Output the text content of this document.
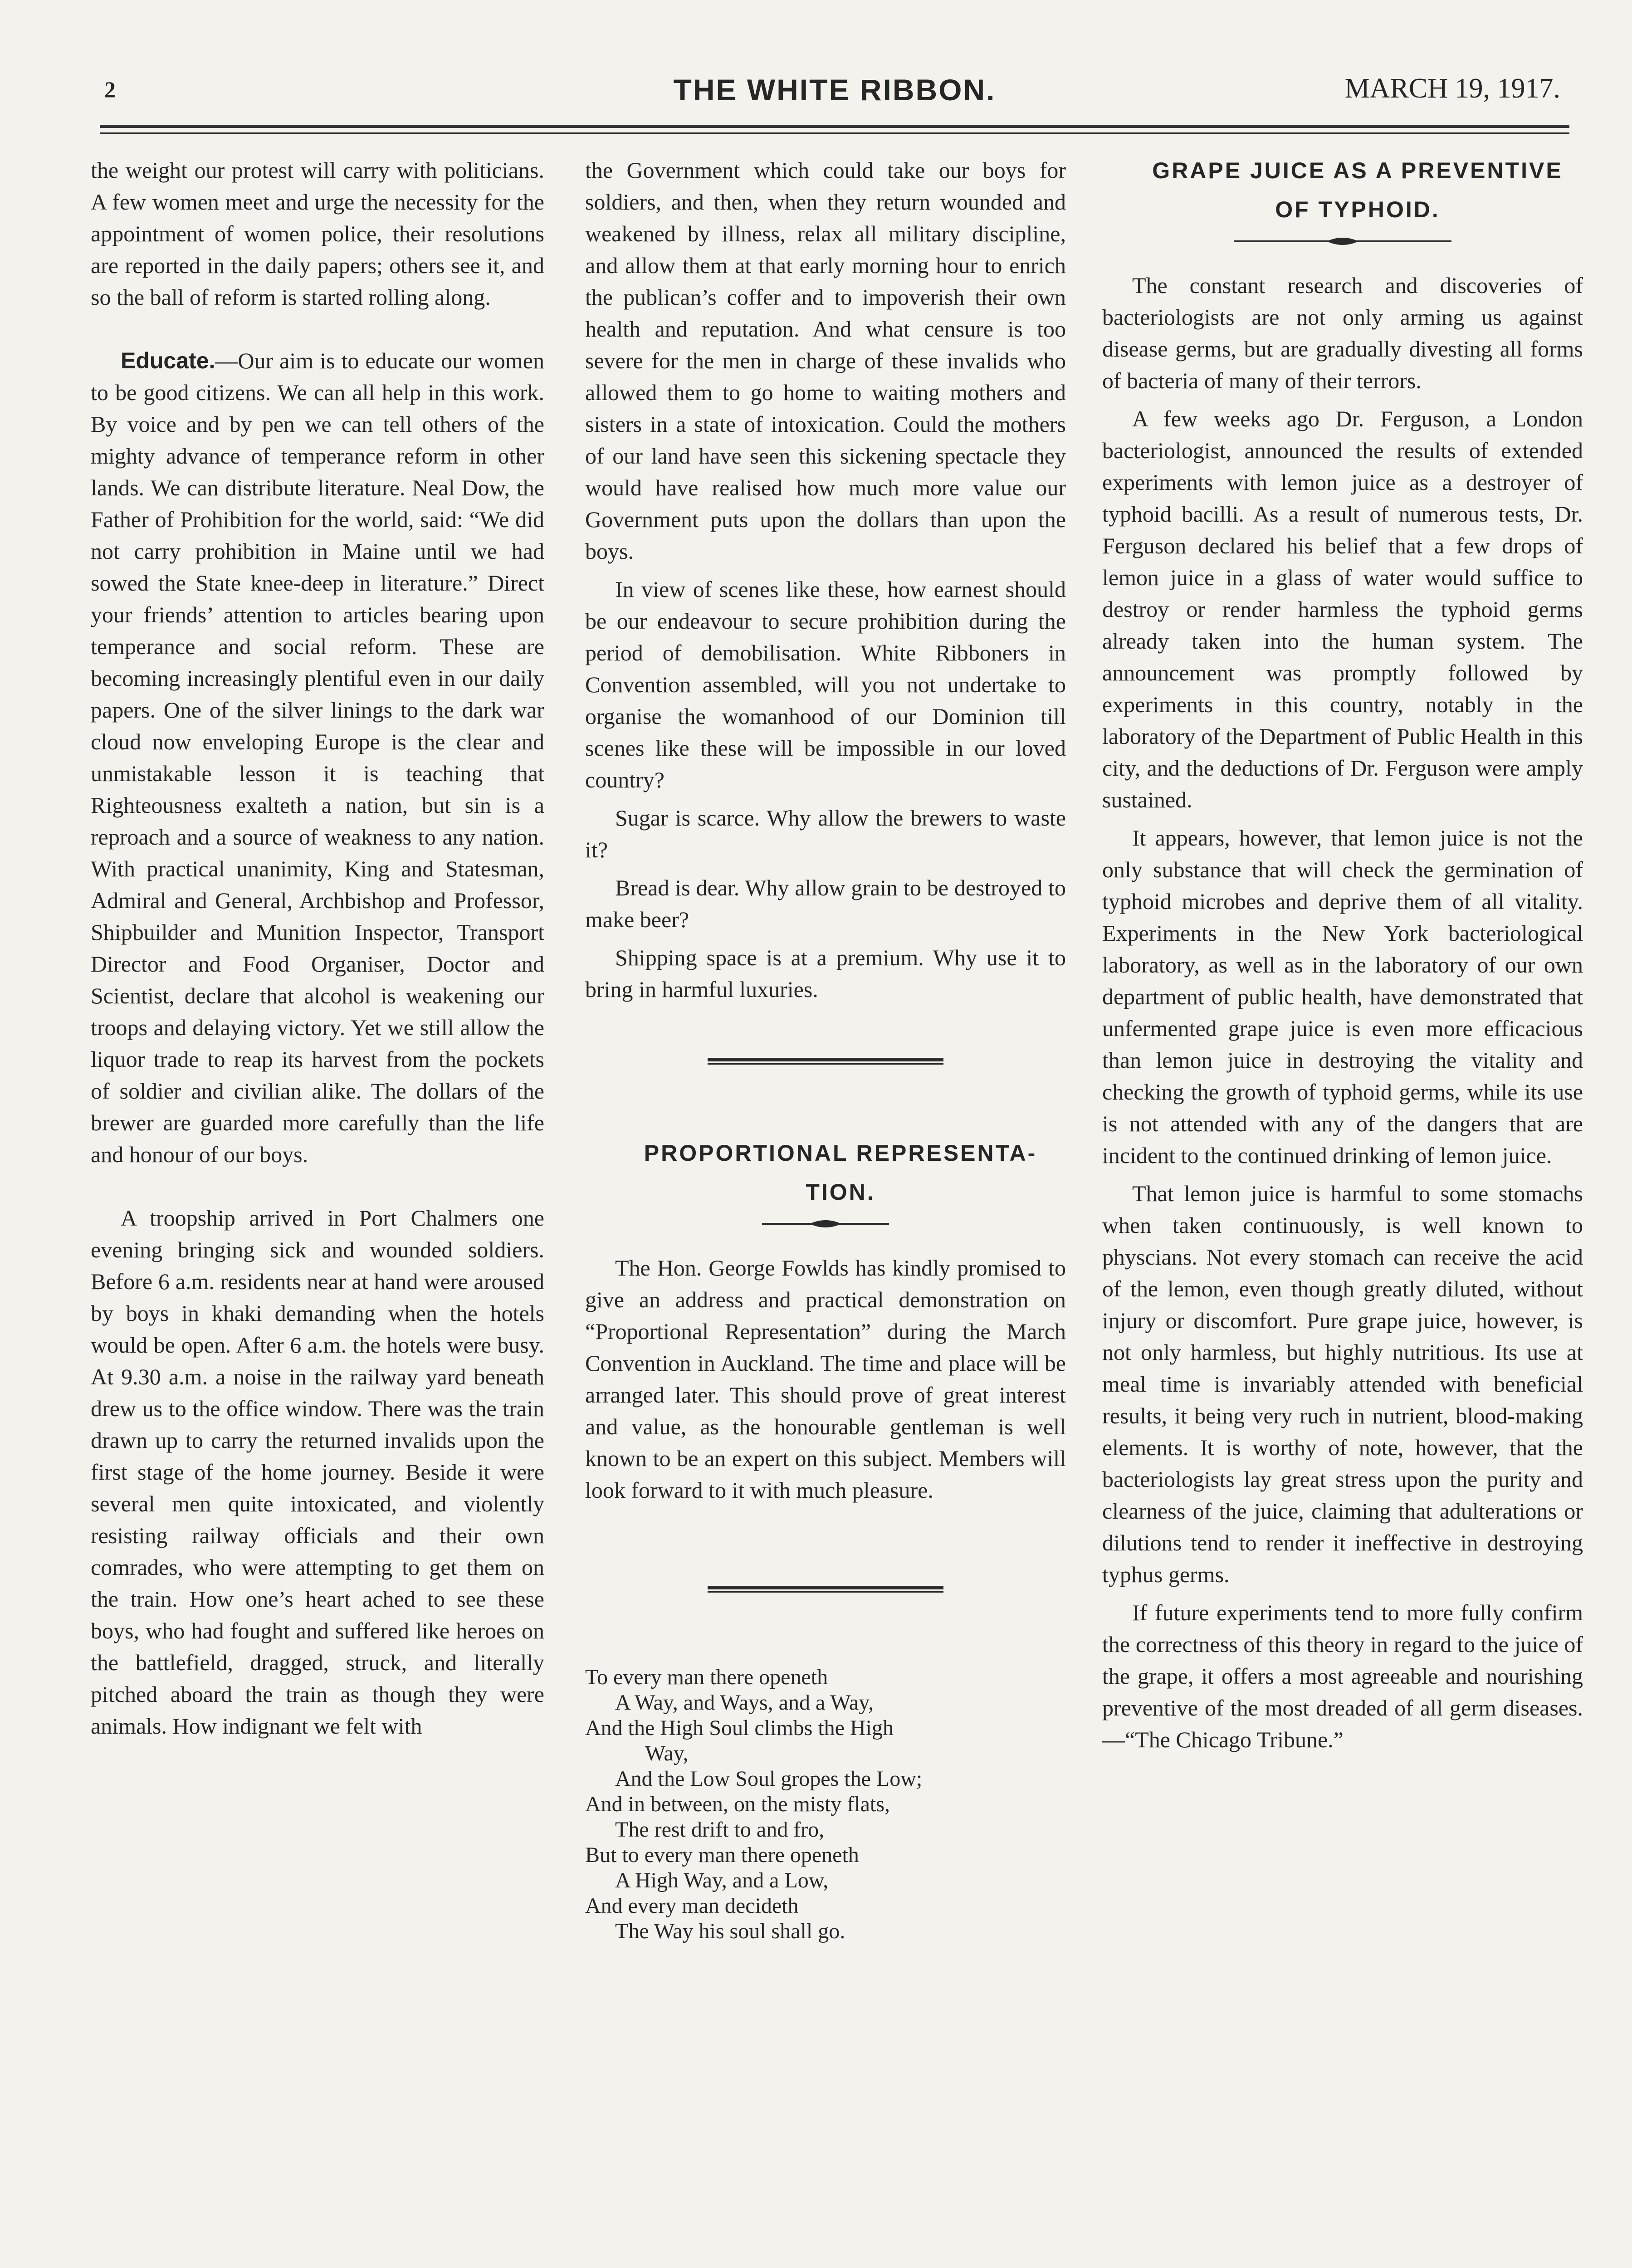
2	THE WHITE RIBBON.	MARCH 19, 1917.

the weight our protest will carry with politicians. A few women meet and urge the necessity for the appointment of women police, their resolutions are reported in the daily papers; others see it, and so the ball of reform is started rolling along.

Educate.—Our aim is to educate our women to be good citizens. We can all help in this work. By voice and by pen we can tell others of the mighty advance of temperance reform in other lands. We can distribute literature. Neal Dow, the Father of Prohibition for the world, said: “We did not carry prohibition in Maine until we had sowed the State knee-deep in literature.” Direct your friends’ attention to articles bearing upon temperance and social reform. These are becoming increasingly plentiful even in our daily papers. One of the silver linings to the dark war cloud now enveloping Europe is the clear and unmistakable lesson it is teaching that Righteousness exalteth a nation, but sin is a reproach and a source of weakness to any nation. With practical unanimity, King and Statesman, Admiral and General, Archbishop and Professor, Shipbuilder and Munition Inspector, Transport Director and Food Organiser, Doctor and Scientist, declare that alcohol is weakening our troops and delaying victory. Yet we still allow the liquor trade to reap its harvest from the pockets of soldier and civilian alike. The dollars of the brewer are guarded more carefully than the life and honour of our boys.

A troopship arrived in Port Chalmers one evening bringing sick and wounded soldiers. Before 6 a.m. residents near at hand were aroused by boys in khaki demanding when the hotels would be open. After 6 a.m. the hotels were busy. At 9.30 a.m. a noise in the railway yard beneath drew us to the office window. There was the train drawn up to carry the returned invalids upon the first stage of the home journey. Beside it were several men quite intoxicated, and violently resisting railway officials and their own comrades, who were attempting to get them on the train. How one’s heart ached to see these boys, who had fought and suffered like heroes on the battlefield, dragged, struck, and literally pitched aboard the train as though they were animals. How indignant we felt with

the Government which could take our boys for soldiers, and then, when they return wounded and weakened by illness, relax all military discipline, and allow them at that early morning hour to enrich the publican’s coffer and to impoverish their own health and reputation. And what censure is too severe for the men in charge of these invalids who allowed them to go home to waiting mothers and sisters in a state of intoxication. Could the mothers of our land have seen this sickening spectacle they would have realised how much more value our Government puts upon the dollars than upon the boys.

In view of scenes like these, how earnest should be our endeavour to secure prohibition during the period of demobilisation. White Ribboners in Convention assembled, will you not undertake to organise the womanhood of our Dominion till scenes like these will be impossible in our loved country?

Sugar is scarce. Why allow the brewers to waste it?

Bread is dear. Why allow grain to be destroyed to make beer?

Shipping space is at a premium. Why use it to bring in harmful luxuries.

PROPORTIONAL REPRESENTA-

TION.

The Hon. George Fowlds has kindly promised to give an address and practical demonstration on “Proportional Representation” during the March Convention in Auckland. The time and place will be arranged later. This should prove of great interest and value, as the honourable gentleman is well known to be an expert on this subject. Members will look forward to it with much pleasure.

To every man there openeth
A Way, and Ways, and a Way,
And the High Soul climbs the High
Way,
And the Low Soul gropes the Low;
And in between, on the misty flats,
The rest drift to and fro,
But to every man there openeth
A High Way, and a Low,
And every man decideth
The Way his soul shall go.

GRAPE JUICE AS A PREVENTIVE

OF TYPHOID.

The constant research and discoveries of bacteriologists are not only arming us against disease germs, but are gradually divesting all forms of bacteria of many of their terrors.

A few weeks ago Dr. Ferguson, a London bacteriologist, announced the results of extended experiments with lemon juice as a destroyer of typhoid bacilli. As a result of numerous tests, Dr. Ferguson declared his belief that a few drops of lemon juice in a glass of water would suffice to destroy or render harmless the typhoid germs already taken into the human system. The announcement was promptly followed by experiments in this country, notably in the laboratory of the Department of Public Health in this city, and the deductions of Dr. Ferguson were amply sustained.

It appears, however, that lemon juice is not the only substance that will check the germination of typhoid microbes and deprive them of all vitality. Experiments in the New York bacteriological laboratory, as well as in the laboratory of our own department of public health, have demonstrated that unfermented grape juice is even more efficacious than lemon juice in destroying the vitality and checking the growth of typhoid germs, while its use is not attended with any of the dangers that are incident to the continued drinking of lemon juice.

That lemon juice is harmful to some stomachs when taken continuously, is well known to physcians. Not every stomach can receive the acid of the lemon, even though greatly diluted, without injury or discomfort. Pure grape juice, however, is not only harmless, but highly nutritious. Its use at meal time is invariably attended with beneficial results, it being very ruch in nutrient, blood-making elements. It is worthy of note, however, that the bacteriologists lay great stress upon the purity and clearness of the juice, claiming that adulterations or dilutions tend to render it ineffective in destroying typhus germs.

If future experiments tend to more fully confirm the correctness of this theory in regard to the juice of the grape, it offers a most agreeable and nourishing preventive of the most dreaded of all germ diseases.—“The Chicago Tribune.”
